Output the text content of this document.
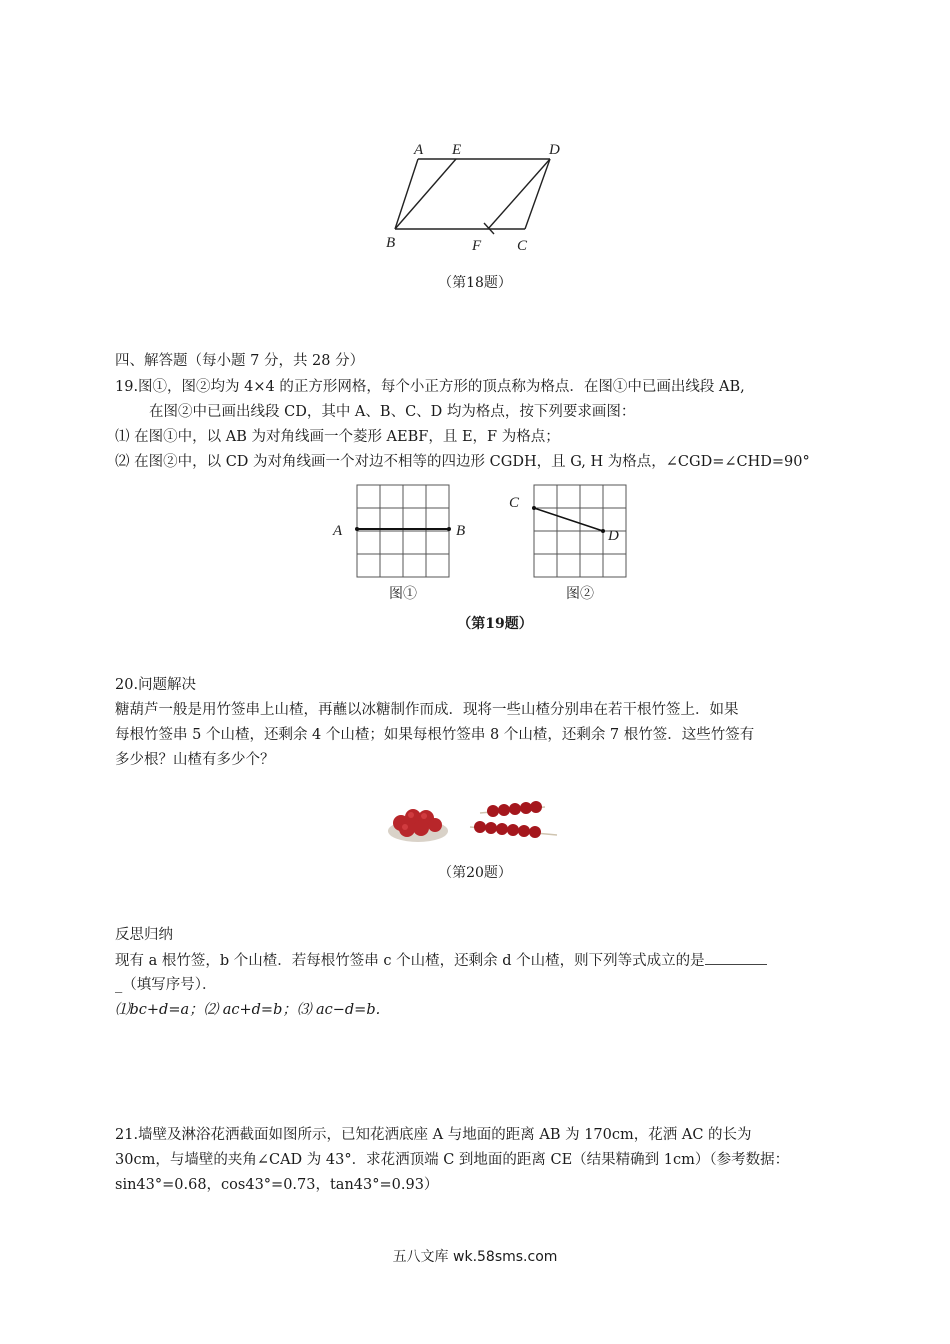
A E	D
B	F C
（第18题）
四、解答题（每小题 7 分，共 28 分）
19.图①，图②均为 4×4 的正方形网格，每个小正方形的顶点称为格点．在图①中已画出线段 AB,
在图②中已画出线段 CD，其中 A、B、C、D 均为格点，按下列要求画图：
⑴ 在图①中，以 AB 为对角线画一个菱形 AEBF，且 E，F 为格点；
⑵ 在图②中，以 CD 为对角线画一个对边不相等的四边形 CGDH，且 G, H 为格点，∠CGD=∠CHD=90°
A	B
图①
C
D
图②
（第19题）
20.问题解决
糖葫芦一般是用竹签串上山楂，再蘸以冰糖制作而成．现将一些山楂分别串在若干根竹签上．如果
每根竹签串 5 个山楂，还剩余 4 个山楂；如果每根竹签串 8 个山楂，还剩余 7 根竹签．这些竹签有
多少根？山楂有多少个？
（第20题）
反思归纳
现有 a 根竹签，b 个山楂．若每根竹签串 c 个山楂，还剩余 d 个山楂，则下列等式成立的是
_（填写序号）．
⑴bc+d=a；⑵ ac+d=b；⑶ ac−d=b.
21.墙壁及淋浴花洒截面如图所示，已知花洒底座 A 与地面的距离 AB 为 170cm，花洒 AC 的长为
30cm，与墙壁的夹角∠CAD 为 43°．求花洒顶端 C 到地面的距离 CE（结果精确到 1cm）（参考数据：
sin43°=0.68，cos43°=0.73，tan43°=0.93）
五八文库 wk.58sms.com
